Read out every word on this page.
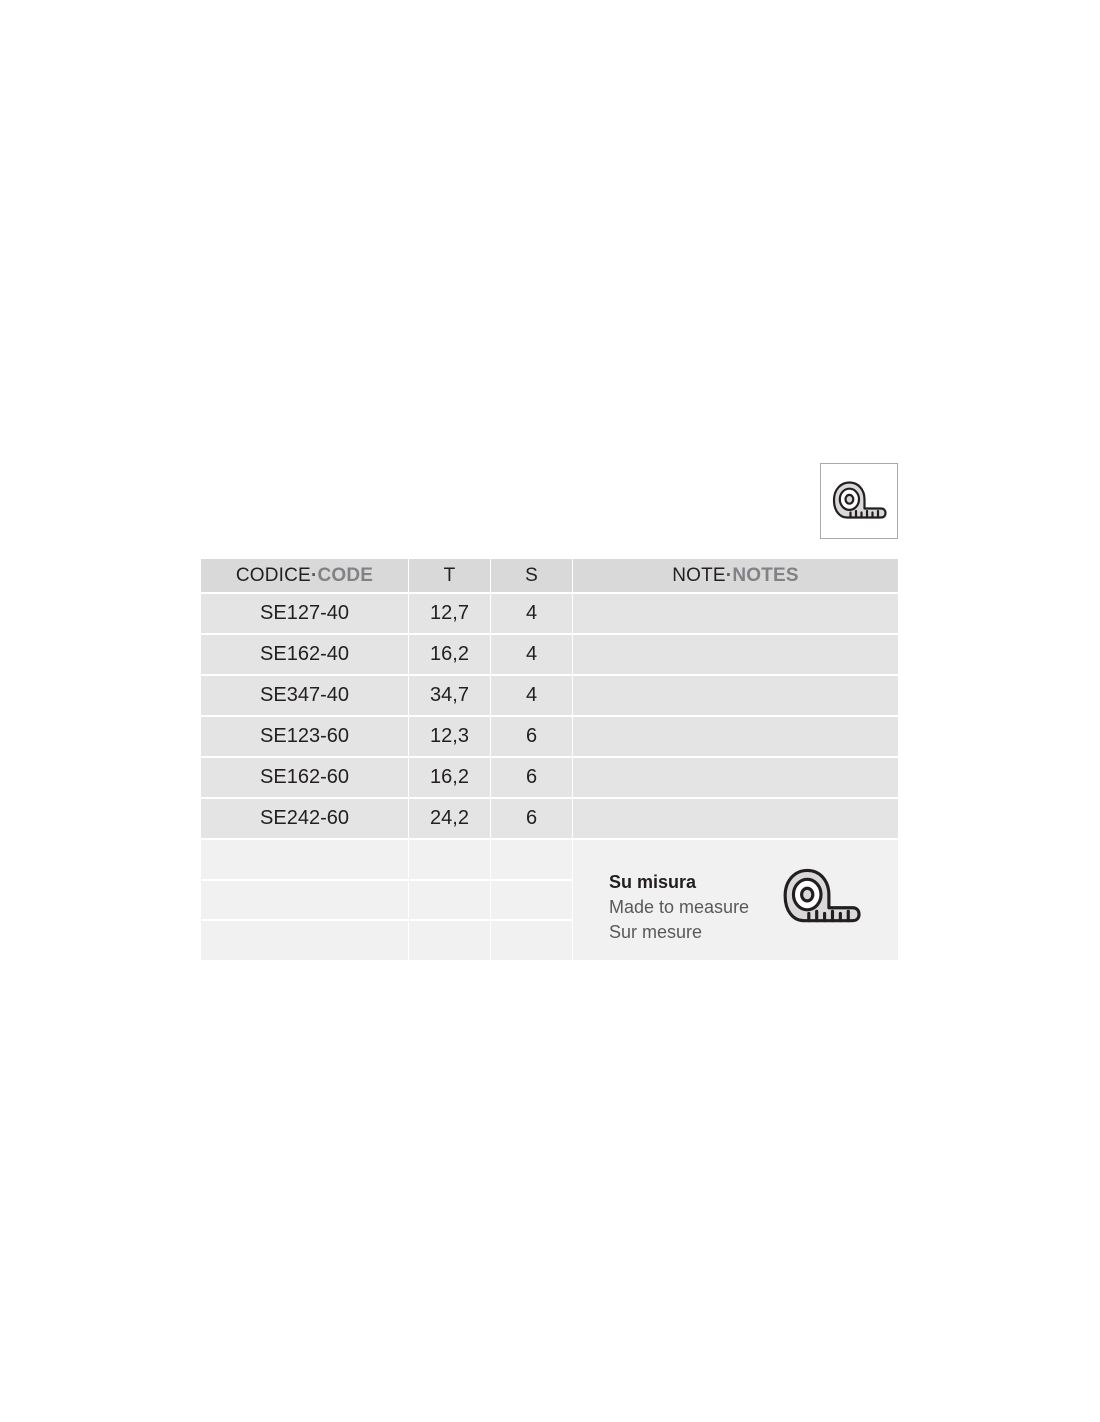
CODICE·CODE	T	S	NOTE·NOTES
SE127-40	12,7	4	
SE162-40	16,2	4	
SE347-40	34,7	4	
SE123-60	12,3	6	
SE162-60	16,2	6	
SE242-60	24,2	6	

			Su misura
Made to measure
Sur mesure
